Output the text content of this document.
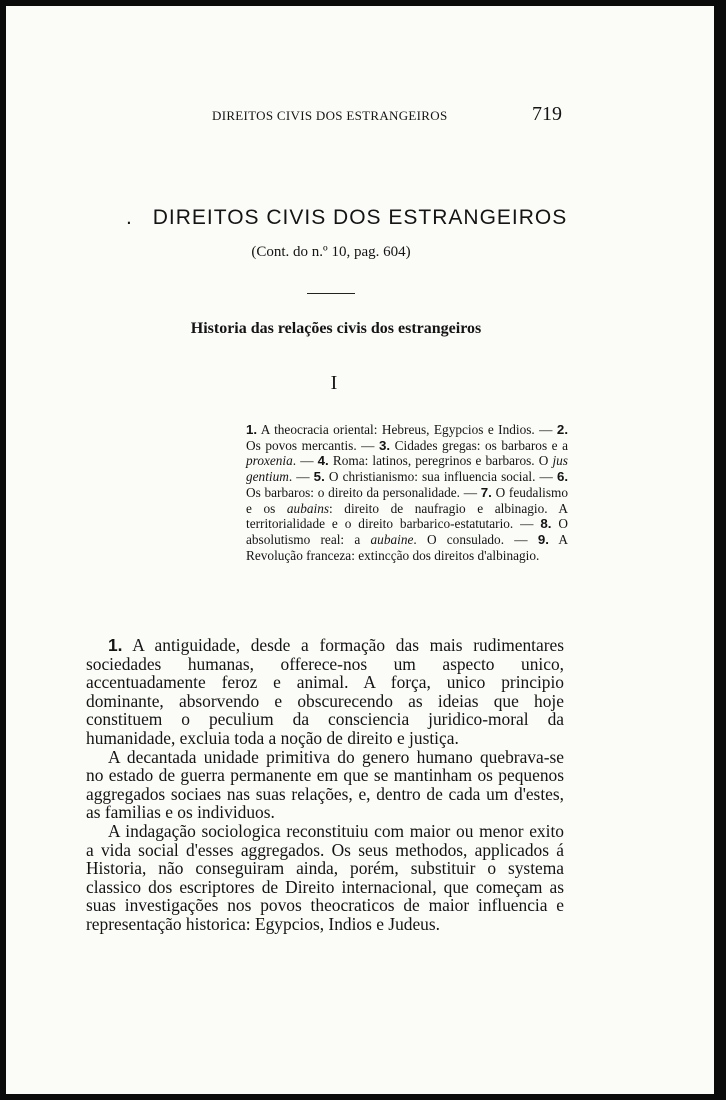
DIREITOS CIVIS DOS ESTRANGEIROS	719
. DIREITOS CIVIS DOS ESTRANGEIROS
(Cont. do n.º 10, pag. 604)
Historia das relações civis dos estrangeiros
I
1. A theocracia oriental: Hebreus, Egypcios e Indios. — 2. Os povos mercantis. — 3. Cidades gregas: os barbaros e a proxenia. — 4. Roma: latinos, peregrinos e barbaros. O jus gentium. — 5. O christianismo: sua influencia social. — 6. Os barbaros: o direito da personalidade. — 7. O feudalismo e os aubains: direito de naufragio e albinagio. A territorialidade e o direito barbarico-estatutario. — 8. O absolutismo real: a aubaine. O consulado. — 9. A Revolução franceza: extincção dos direitos d'albinagio.

1. A antiguidade, desde a formação das mais rudimentares sociedades humanas, offerece-nos um aspecto unico, accentuadamente feroz e animal. A força, unico principio dominante, absorvendo e obscurecendo as ideias que hoje constituem o peculium da consciencia juridico-moral da humanidade, excluia toda a noção de direito e justiça.

A decantada unidade primitiva do genero humano quebrava-se no estado de guerra permanente em que se mantinham os pequenos aggregados sociaes nas suas relações, e, dentro de cada um d'estes, as familias e os individuos.

A indagação sociologica reconstituiu com maior ou menor exito a vida social d'esses aggregados. Os seus methodos, applicados á Historia, não conseguiram ainda, porém, substituir o systema classico dos escriptores de Direito internacional, que começam as suas investigações nos povos theocraticos de maior influencia e representação historica: Egypcios, Indios e Judeus.
